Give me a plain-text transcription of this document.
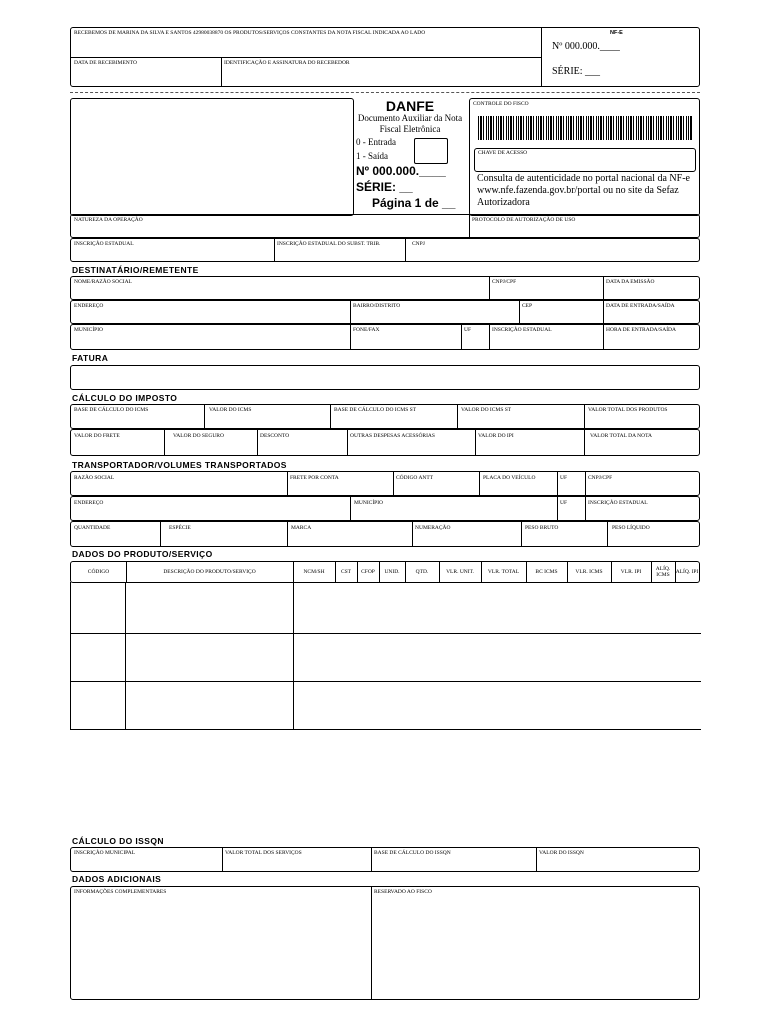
RECEBEMOS DE MARINA DA SILVA E SANTOS 42980038870 OS PRODUTOS/SERVIÇOS CONSTANTES DA NOTA FISCAL INDICADA AO LADO
DATA DE RECEBIMENTO	IDENTIFICAÇÃO E ASSINATURA DO RECEBEDOR
NF-E
Nº 000.000.____
SÉRIE: ___
DANFE
Documento Auxiliar da Nota Fiscal Eletrônica
0 - Entrada
1 - Saída
Nº 000.000.____
SÉRIE: __
Página 1 de __
CONTROLE DO FISCO
CHAVE DE ACESSO
Consulta de autenticidade no portal nacional da NF-e www.nfe.fazenda.gov.br/portal ou no site da Sefaz Autorizadora
NATUREZA DA OPERAÇÃO	PROTOCOLO DE AUTORIZAÇÃO DE USO
INSCRIÇÃO ESTADUAL	INSCRIÇÃO ESTADUAL DO SUBST. TRIB.	CNPJ
DESTINATÁRIO/REMETENTE
NOME/RAZÃO SOCIAL	CNPJ/CPF	DATA DA EMISSÃO
ENDEREÇO	BAIRRO/DISTRITO	CEP	DATA DE ENTRADA/SAÍDA
MUNICÍPIO	FONE/FAX	UF	INSCRIÇÃO ESTADUAL	HORA DE ENTRADA/SAÍDA
FATURA
CÁLCULO DO IMPOSTO
BASE DE CÁLCULO DO ICMS	VALOR DO ICMS	BASE DE CÁLCULO DO ICMS ST	VALOR DO ICMS ST	VALOR TOTAL DOS PRODUTOS
VALOR DO FRETE	VALOR DO SEGURO	DESCONTO	OUTRAS DESPESAS ACESSÓRIAS	VALOR DO IPI	VALOR TOTAL DA NOTA
TRANSPORTADOR/VOLUMES TRANSPORTADOS
RAZÃO SOCIAL	FRETE POR CONTA	CÓDIGO ANTT	PLACA DO VEÍCULO	UF	CNPJ/CPF
ENDEREÇO	MUNICÍPIO	UF	INSCRIÇÃO ESTADUAL
QUANTIDADE	ESPÉCIE	MARCA	NUMERAÇÃO	PESO BRUTO	PESO LÍQUIDO
DADOS DO PRODUTO/SERVIÇO
CÓDIGO	DESCRIÇÃO DO PRODUTO/SERVIÇO	NCM/SH	CST	CFOP	UNID.	QTD.	VLR. UNIT.	VLR. TOTAL	BC ICMS	VLR. ICMS	VLR. IPI	ALÍQ. ICMS	ALÍQ. IPI
CÁLCULO DO ISSQN
INSCRIÇÃO MUNICIPAL	VALOR TOTAL DOS SERVIÇOS	BASE DE CÁLCULO DO ISSQN	VALOR DO ISSQN
DADOS ADICIONAIS
INFORMAÇÕES COMPLEMENTARES	RESERVADO AO FISCO
